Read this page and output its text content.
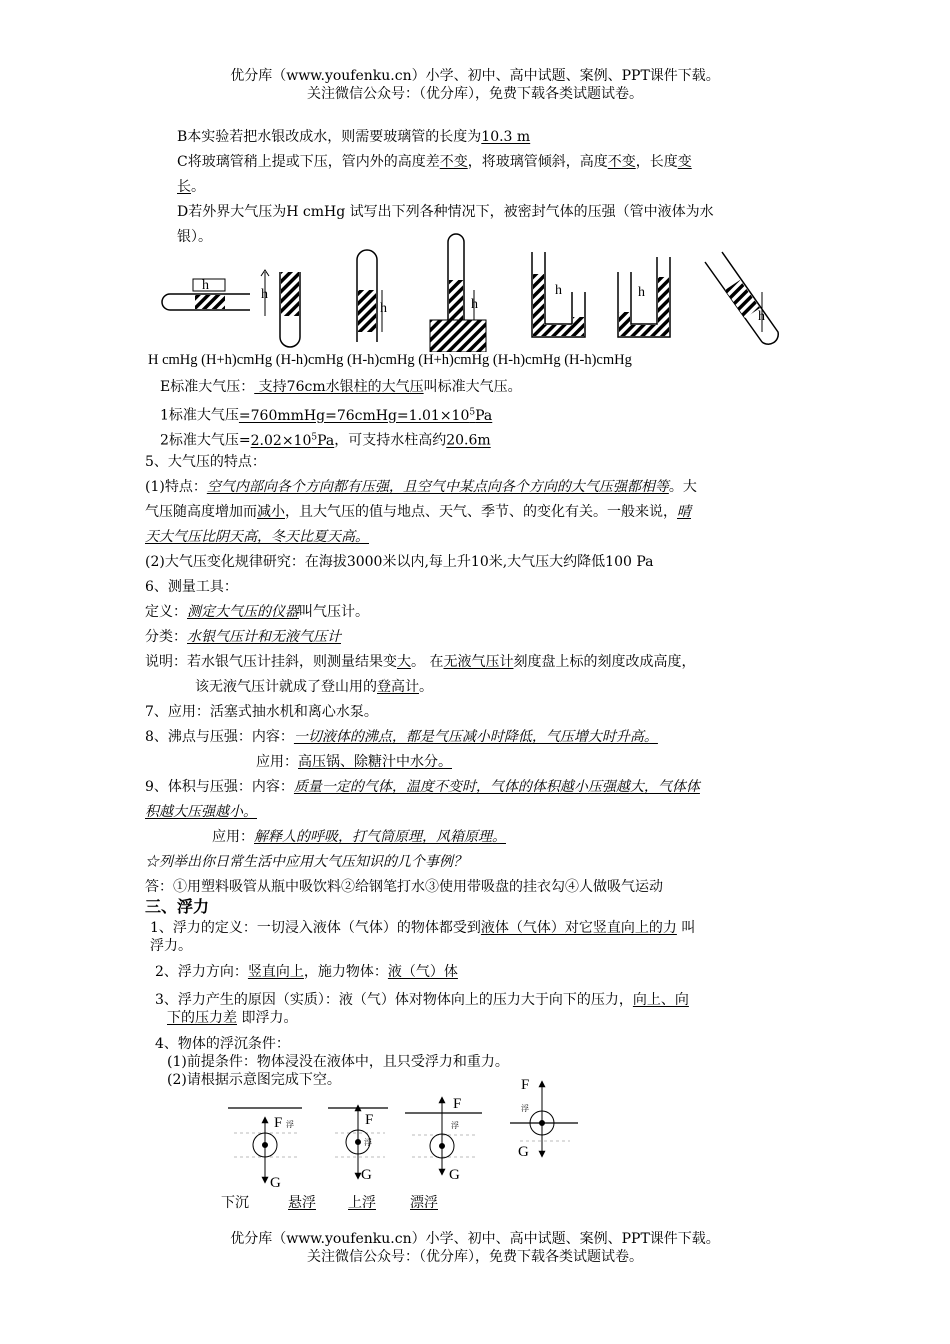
优分库（www.youfenku.cn）小学、初中、高中试题、案例、PPT课件下载。
关注微信公众号：（优分库），免费下载各类试题试卷。
B本实验若把水银改成水，则需要玻璃管的长度为10.3 m
C将玻璃管稍上提或下压，管内外的高度差不变，将玻璃管倾斜，高度不变，长度变
长。
D若外界大气压为H cmHg 试写出下列各种情况下，被密封气体的压强（管中液体为水
银）。
h
h
h	h
h	h
h
H cmHg (H+h)cmHg (H-h)cmHg (H-h)cmHg (H+h)cmHg (H-h)cmHg (H-h)cmHg
E标准大气压： 支持76cm水银柱的大气压叫标准大气压。
1标准大气压$=760mmHg=76cmHg=1.01\times 10^5Pa$
2标准大气压$=2.02\times 10^5Pa$，可支持水柱高约20.6m
5、大气压的特点：
(1)特点：空气内部向各个方向都有压强，且空气中某点向各个方向的大气压强都相等。大
气压随高度增加而减小，且大气压的值与地点、天气、季节、的变化有关。一般来说，晴
天大气压比阴天高，冬天比夏天高。
(2)大气压变化规律研究：在海拔3000米以内,每上升10米,大气压大约降低100 Pa
6、测量工具：
定义：测定大气压的仪器叫气压计。
分类：水银气压计和无液气压计
说明：若水银气压计挂斜，则测量结果变大。 在无液气压计刻度盘上标的刻度改成高度，
该无液气压计就成了登山用的登高计。
7、应用：活塞式抽水机和离心水泵。
8、沸点与压强：内容：一切液体的沸点，都是气压减小时降低，气压增大时升高。
应用：高压锅、除糖汁中水分。
9、体积与压强：内容：质量一定的气体，温度不变时，气体的体积越小压强越大，气体体
积越大压强越小。
应用：解释人的呼吸，打气筒原理，风箱原理。
☆列举出你日常生活中应用大气压知识的几个事例？
答：①用塑料吸管从瓶中吸饮料②给钢笔打水③使用带吸盘的挂衣勾④人做吸气运动
三、浮力
1、浮力的定义：一切浸入液体（气体）的物体都受到液体（气体）对它竖直向上的力 叫
浮力。
2、浮力方向：竖直向上，施力物体：液（气）体
3、浮力产生的原因（实质）：液（气）体对物体向上的压力大于向下的压力，向上、向
下的压力差 即浮力。
4、物体的浮沉条件：
(1)前提条件：物体浸没在液体中，且只受浮力和重力。
(2)请根据示意图完成下空。
F 浮
G
F
浮
G
F
浮
G
F
浮
G
下沉	悬浮 上浮 漂浮
优分库（www.youfenku.cn）小学、初中、高中试题、案例、PPT课件下载。
关注微信公众号：（优分库），免费下载各类试题试卷。
